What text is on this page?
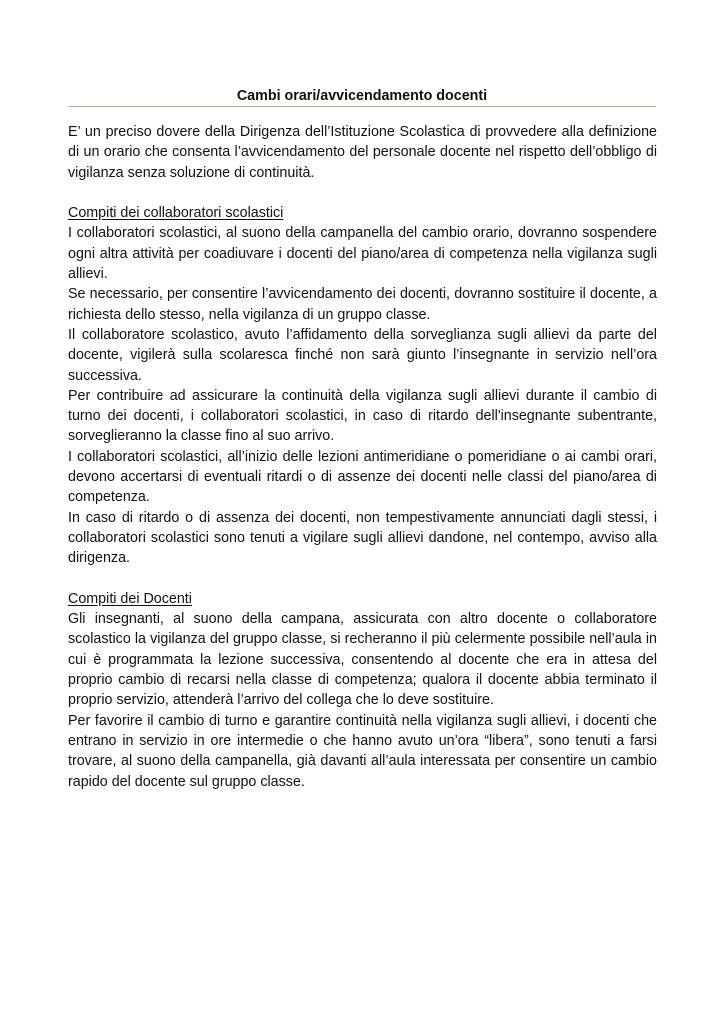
Cambi orari/avvicendamento docenti

E’ un preciso dovere della Dirigenza dell’Istituzione Scolastica di provvedere alla definizione di un orario che consenta l’avvicendamento del personale docente nel rispetto dell’obbligo di vigilanza senza soluzione di continuità.

Compiti dei collaboratori scolastici

I collaboratori scolastici, al suono della campanella del cambio orario, dovranno sospendere ogni altra attività per coadiuvare i docenti del piano/area di competenza nella vigilanza sugli allievi.

Se necessario, per consentire l’avvicendamento dei docenti, dovranno sostituire il docente, a richiesta dello stesso, nella vigilanza di un gruppo classe.

Il collaboratore scolastico, avuto l’affidamento della sorveglianza sugli allievi da parte del docente, vigilerà sulla scolaresca finché non sarà giunto l’insegnante in servizio nell’ora successiva.

Per contribuire ad assicurare la continuità della vigilanza sugli allievi durante il cambio di turno dei docenti, i collaboratori scolastici, in caso di ritardo dell'insegnante subentrante, sorveglieranno la classe fino al suo arrivo.

I collaboratori scolastici, all’inizio delle lezioni antimeridiane o pomeridiane o ai cambi orari, devono accertarsi di eventuali ritardi o di assenze dei docenti nelle classi del piano/area di competenza.

In caso di ritardo o di assenza dei docenti, non tempestivamente annunciati dagli stessi, i collaboratori scolastici sono tenuti a vigilare sugli allievi dandone, nel contempo, avviso alla dirigenza.

Compiti dei Docenti

Gli insegnanti, al suono della campana, assicurata con altro docente o collaboratore scolastico la vigilanza del gruppo classe, si recheranno il più celermente possibile nell’aula in cui è programmata la lezione successiva, consentendo al docente che era in attesa del proprio cambio di recarsi nella classe di competenza; qualora il docente abbia terminato il proprio servizio, attenderà l’arrivo del collega che lo deve sostituire.

Per favorire il cambio di turno e garantire continuità nella vigilanza sugli allievi, i docenti che entrano in servizio in ore intermedie o che hanno avuto un’ora “libera”, sono tenuti a farsi trovare, al suono della campanella, già davanti all’aula interessata per consentire un cambio rapido del docente sul gruppo classe.
